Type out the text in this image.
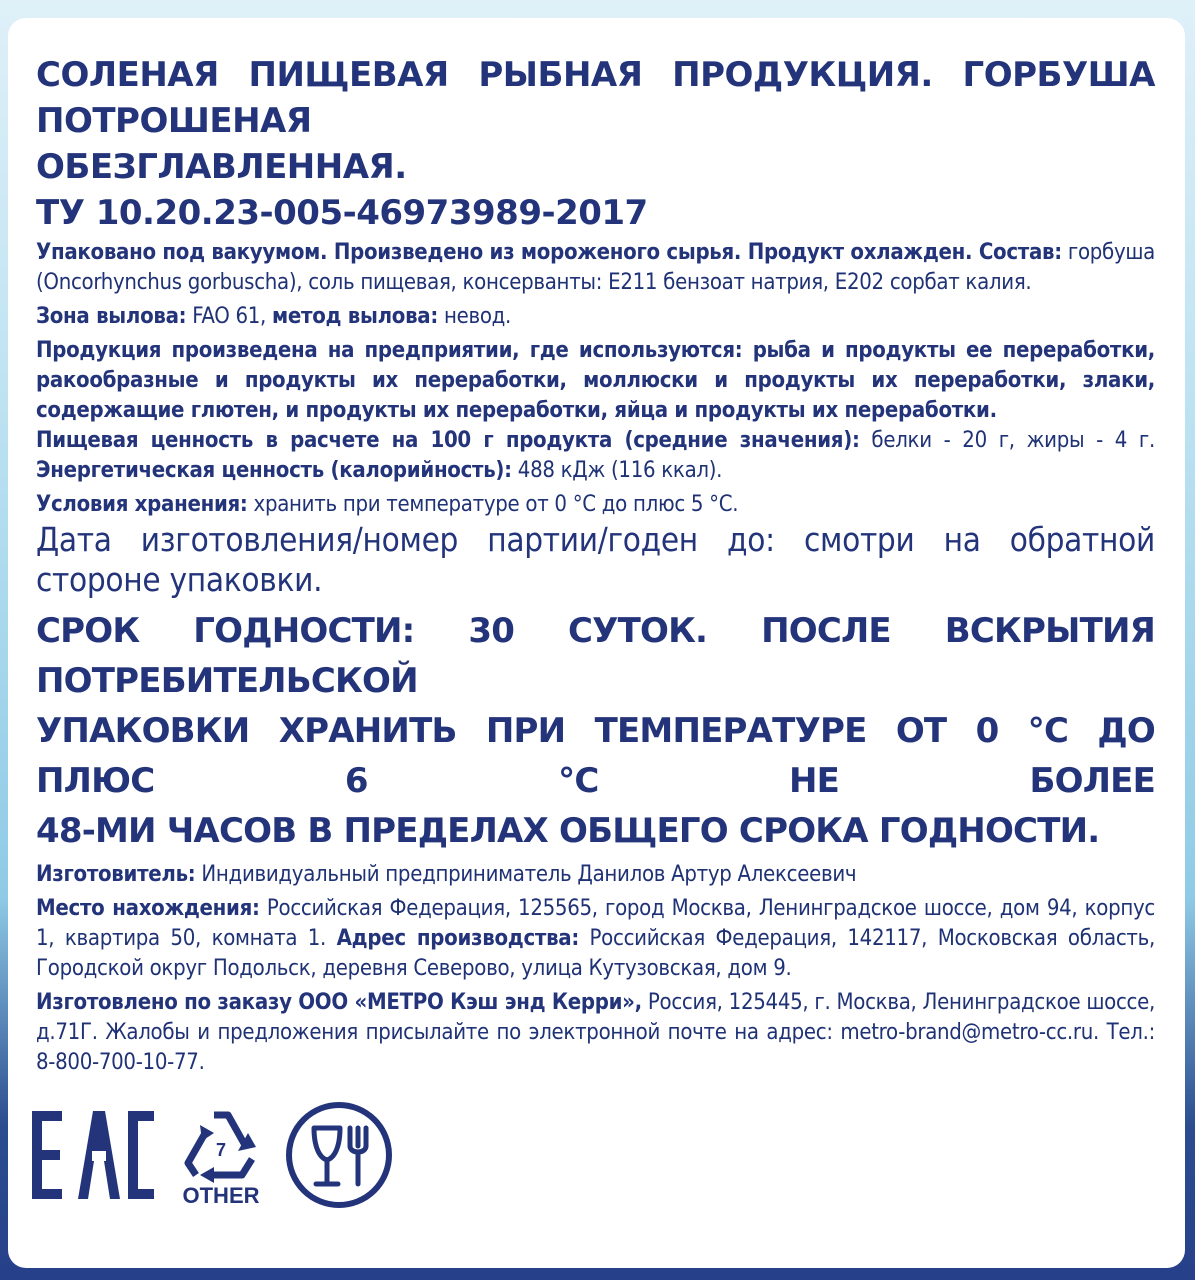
СОЛЕНАЯ ПИЩЕВАЯ РЫБНАЯ ПРОДУКЦИЯ. ГОРБУША ПОТРОШЕНАЯ
ОБЕЗГЛАВЛЕННАЯ.
ТУ 10.20.23-005-46973989-2017

Упаковано под вакуумом. Произведено из мороженого сырья. Продукт охлажден. Состав: горбуша (Oncorhynchus gorbuscha), соль пищевая, консерванты: Е211 бензоат натрия, Е202 сорбат калия.

Зона вылова: FAO 61, метод вылова: невод.

Продукция произведена на предприятии, где используются: рыба и продукты ее переработки, ракообразные и продукты их переработки, моллюски и продукты их переработки, злаки, содержащие глютен, и продукты их переработки, яйца и продукты их переработки.

Пищевая ценность в расчете на 100 г продукта (средние значения): белки - 20 г, жиры - 4 г. Энергетическая ценность (калорийность): 488 кДж (116 ккал).

Условия хранения: хранить при температуре от 0 °С до плюс 5 °С.

Дата изготовления/номер партии/годен до: смотри на обратной стороне упаковки.

СРОК ГОДНОСТИ: 30 СУТОК. ПОСЛЕ ВСКРЫТИЯ ПОТРЕБИТЕЛЬСКОЙ
УПАКОВКИ ХРАНИТЬ ПРИ ТЕМПЕРАТУРЕ ОТ 0 °С ДО ПЛЮС 6 °С НЕ БОЛЕЕ
48-МИ ЧАСОВ В ПРЕДЕЛАХ ОБЩЕГО СРОКА ГОДНОСТИ.

Изготовитель: Индивидуальный предприниматель Данилов Артур Алексеевич

Место нахождения: Российская Федерация, 125565, город Москва, Ленинградское шоссе, дом 94, корпус 1, квартира 50, комната 1. Адрес производства: Российская Федерация, 142117, Московская область, Городской округ Подольск, деревня Северово, улица Кутузовская, дом 9.

Изготовлено по заказу ООО «МЕТРО Кэш энд Керри», Россия, 125445, г. Москва, Ленинградское шоссе, д.71Г. Жалобы и предложения присылайте по электронной почте на адрес: metro-brand@metro-cc.ru. Тел.: 8-800-700-10-77.

7
OTHER
